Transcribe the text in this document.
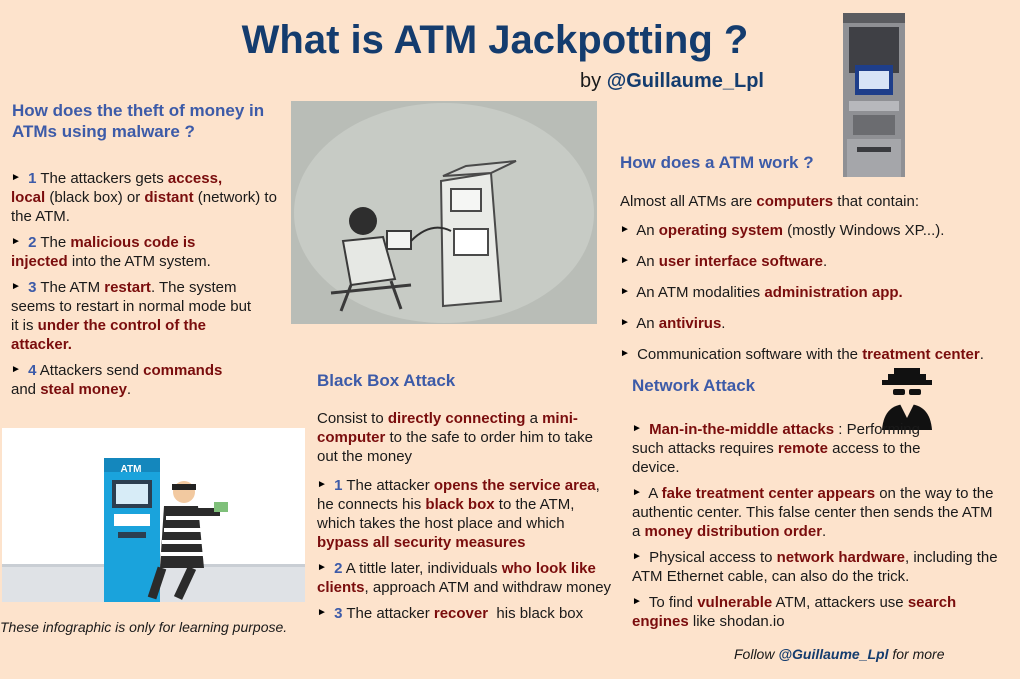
What is ATM Jackpotting ?
by @Guillaume_Lpl

How does the theft of money in ATMs using malware ?

► 1 The attackers gets access,
local (black box) or distant (network) to the ATM.

► 2 The malicious code is
injected into the ATM system.

► 3 The ATM restart. The system seems to restart in normal mode but it is under the control of the attacker.

► 4 Attackers send commands
and steal money.

ATM
These infographic is only for learning purpose.

Black Box Attack

Consist to directly connecting a mini-computer to the safe to order him to take out the money

► 1 The attacker opens the service area, he connects his black box to the ATM, which takes the host place and which bypass all security measures

► 2 A tittle later, individuals who look like clients, approach ATM and withdraw money

► 3 The attacker recover  his black box

How does a ATM work ?

Almost all ATMs are computers that contain:

► An operating system (mostly Windows XP...).

► An user interface software.

► An ATM modalities administration app.

► An antivirus.

► Communication software with the treatment center.

Network Attack

► Man-in-the-middle attacks : Performing such attacks requires remote access to the device.

► A fake treatment center appears on the way to the authentic center. This false center then sends the ATM a money distribution order.

► Physical access to network hardware, including the ATM Ethernet cable, can also do the trick.

► To find vulnerable ATM, attackers use search engines like shodan.io

Follow @Guillaume_Lpl for more
